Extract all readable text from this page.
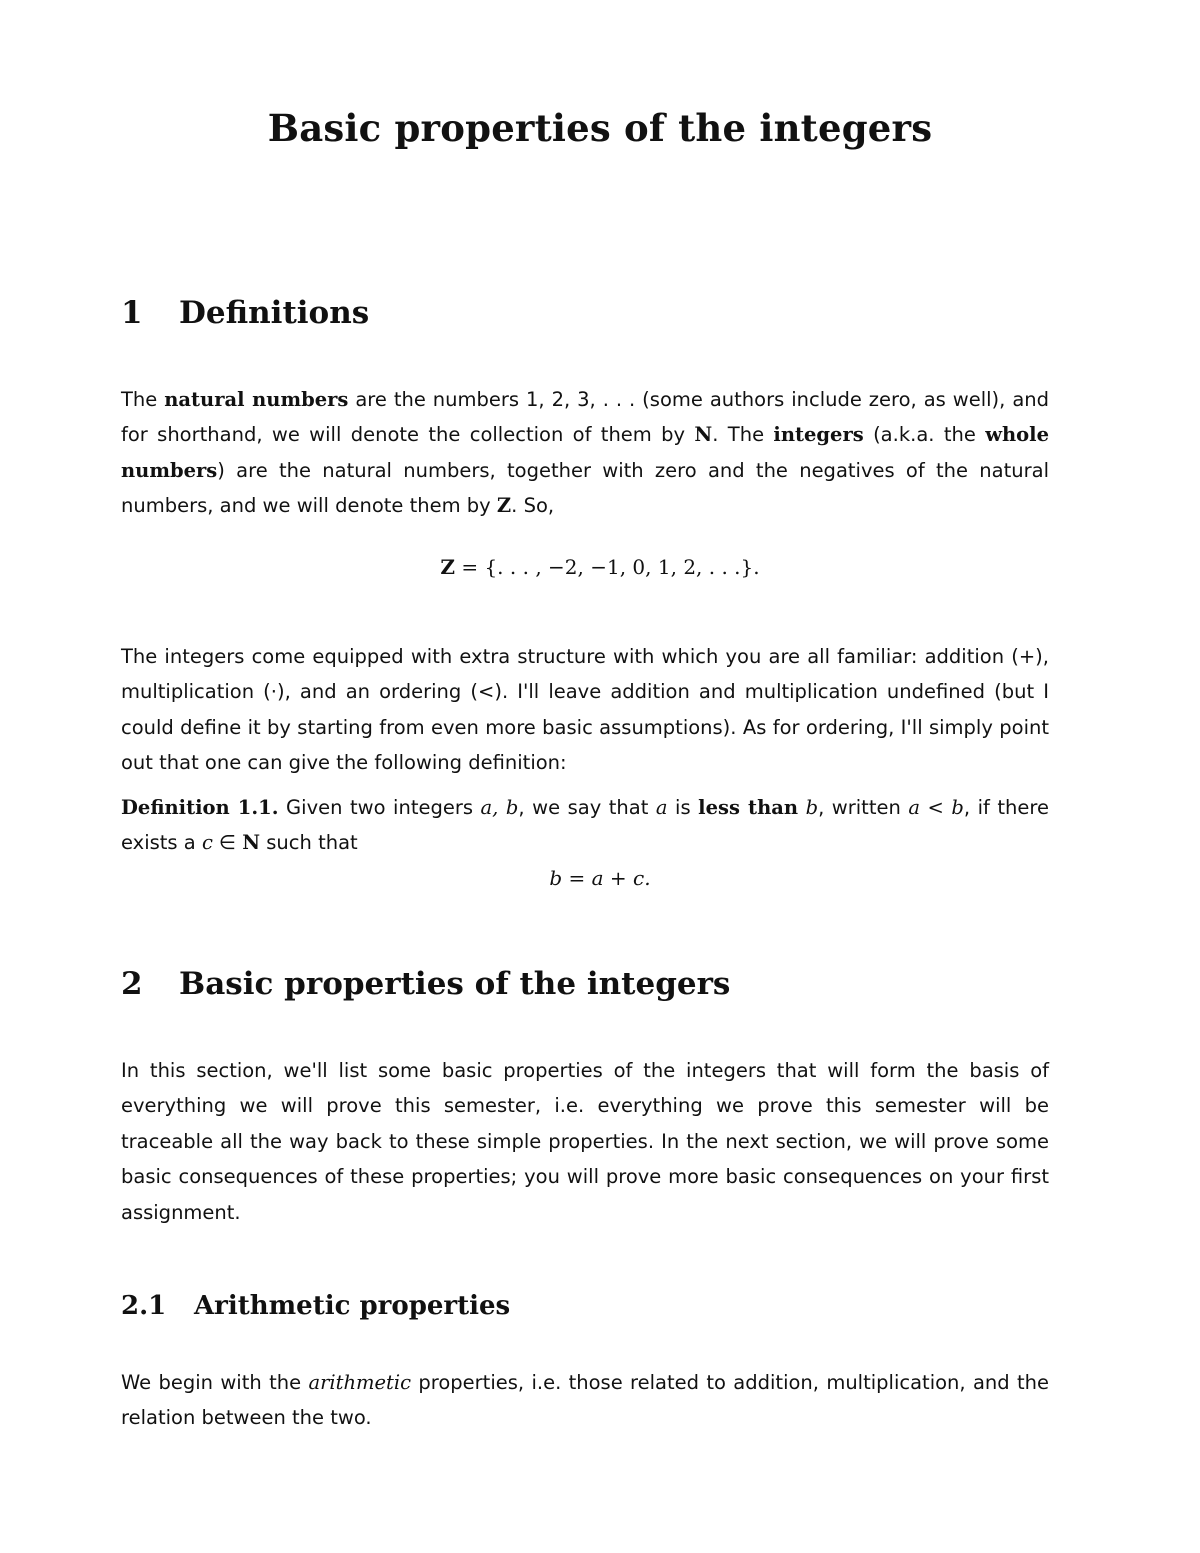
Basic properties of the integers
1 Definitions

The natural numbers are the numbers 1, 2, 3, . . . (some authors include zero, as well), and for shorthand, we will denote the collection of them by N. The integers (a.k.a. the whole numbers) are the natural numbers, together with zero and the negatives of the natural numbers, and we will denote them by Z. So,

Z = {. . . , −2, −1, 0, 1, 2, . . .}.

The integers come equipped with extra structure with which you are all familiar: addition (+), multiplication (·), and an ordering (<). I'll leave addition and multiplication undefined (but I could define it by starting from even more basic assumptions). As for ordering, I'll simply point out that one can give the following definition:

Definition 1.1. Given two integers a, b, we say that a is less than b, written a < b, if there exists a c ∈ N such that

b = a + c.

2 Basic properties of the integers

In this section, we'll list some basic properties of the integers that will form the basis of everything we will prove this semester, i.e. everything we prove this semester will be traceable all the way back to these simple properties. In the next section, we will prove some basic consequences of these properties; you will prove more basic consequences on your first assignment.

2.1 Arithmetic properties

We begin with the arithmetic properties, i.e. those related to addition, multiplication, and the relation between the two.
